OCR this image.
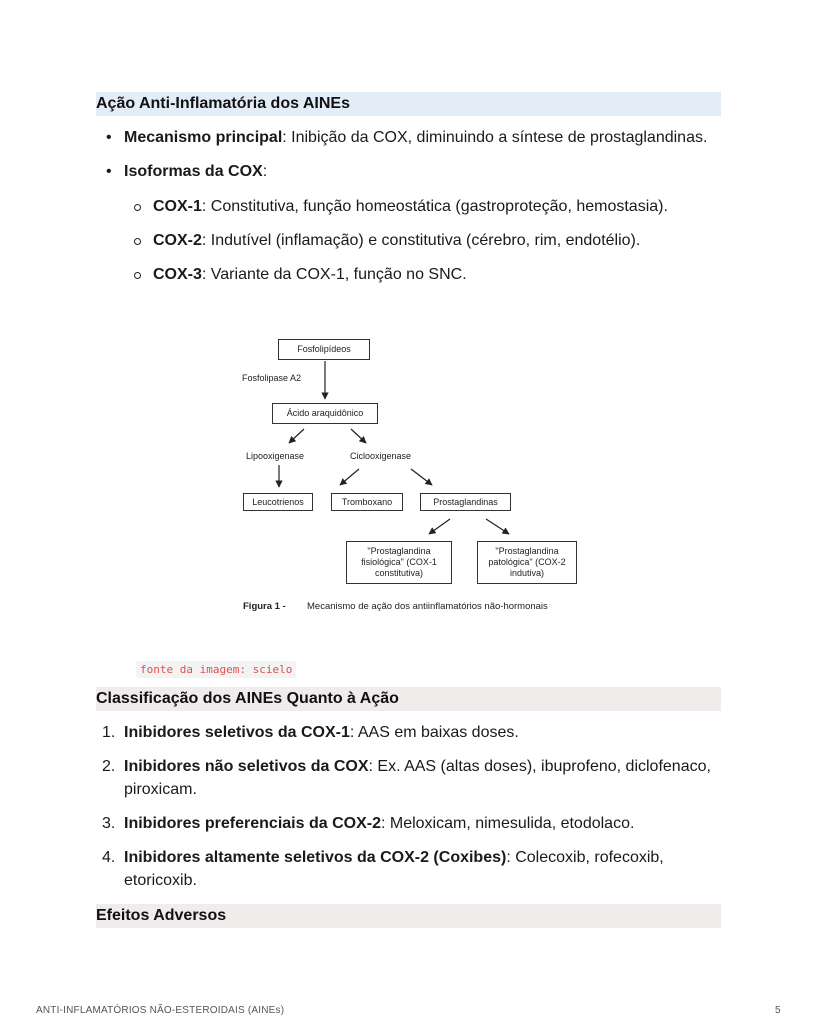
Ação Anti-Inflamatória dos AINEs
• Mecanismo principal: Inibição da COX, diminuindo a síntese de prostaglandinas.
• Isoformas da COX:
COX-1: Constitutiva, função homeostática (gastroproteção, hemostasia).
COX-2: Indutível (inflamação) e constitutiva (cérebro, rim, endotélio).
COX-3: Variante da COX-1, função no SNC.
Fosfolipídeos
Fosfolipase A2
Ácido araquidônico
Lipooxigenase	Ciclooxigenase
Leucotrienos	Tromboxano	Prostaglandinas
"Prostaglandina fisiológica" (COX-1 constitutiva)
"Prostaglandina patológica" (COX-2 indutiva)
Figura 1 - Mecanismo de ação dos antiinflamatórios não-hormonais
fonte da imagem: scielo
Classificação dos AINEs Quanto à Ação
1. Inibidores seletivos da COX-1: AAS em baixas doses.
2. Inibidores não seletivos da COX: Ex. AAS (altas doses), ibuprofeno, diclofenaco, piroxicam.
3. Inibidores preferenciais da COX-2: Meloxicam, nimesulida, etodolaco.
4. Inibidores altamente seletivos da COX-2 (Coxibes): Colecoxib, rofecoxib, etoricoxib.
Efeitos Adversos
ANTI-INFLAMATÓRIOS NÃO-ESTEROIDAIS (AINEs)	5
